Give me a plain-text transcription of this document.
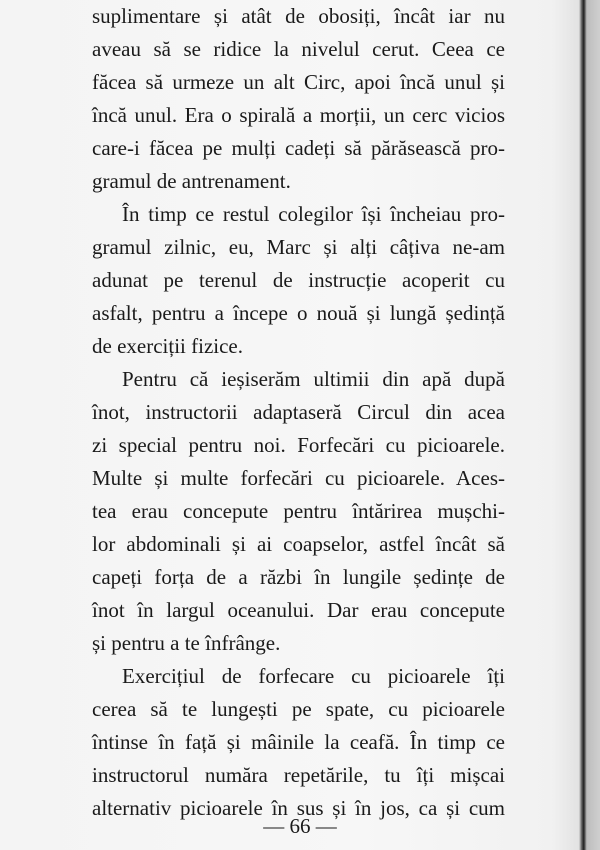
suplimentare și atât de obosiți, încât iar nu
aveau să se ridice la nivelul cerut. Ceea ce
făcea să urmeze un alt Circ, apoi încă unul și
încă unul. Era o spirală a morții, un cerc vicios
care-i făcea pe mulți cadeți să părăsească pro-
gramul de antrenament.
În timp ce restul colegilor își încheiau pro-
gramul zilnic, eu, Marc și alți câțiva ne-am
adunat pe terenul de instrucție acoperit cu
asfalt, pentru a începe o nouă și lungă ședință
de exerciții fizice.
Pentru că ieșiserăm ultimii din apă după
înot, instructorii adaptaseră Circul din acea
zi special pentru noi. Forfecări cu picioarele.
Multe și multe forfecări cu picioarele. Aces-
tea erau concepute pentru întărirea mușchi-
lor abdominali și ai coapselor, astfel încât să
capeți forța de a răzbi în lungile ședințe de
înot în largul oceanului. Dar erau concepute
și pentru a te înfrânge.
Exercițiul de forfecare cu picioarele îți
cerea să te lungești pe spate, cu picioarele
întinse în față și mâinile la ceafă. În timp ce
instructorul număra repetările, tu îți mișcai
alternativ picioarele în sus și în jos, ca și cum
— 66 —
